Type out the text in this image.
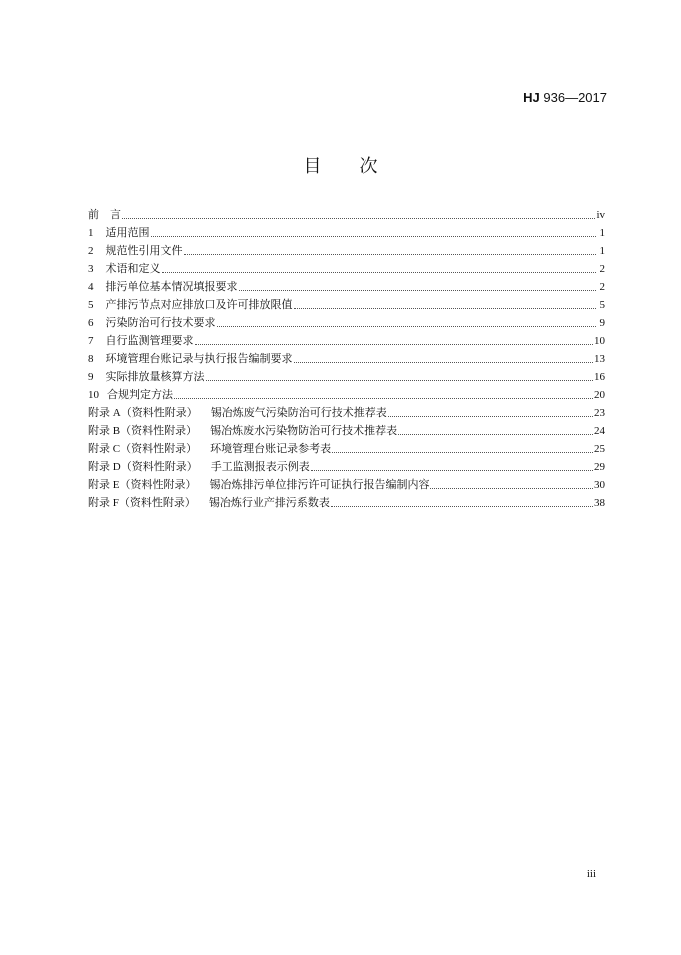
HJ 936—2017
目 次
前　言	iv
1 适用范围	1
2 规范性引用文件	1
3 术语和定义	2
4 排污单位基本情况填报要求	2
5 产排污节点对应排放口及许可排放限值	5
6 污染防治可行技术要求	9
7 自行监测管理要求	10
8 环境管理台账记录与执行报告编制要求	13
9 实际排放量核算方法	16
10 合规判定方法	20
附录 A （资料性附录） 锡冶炼废气污染防治可行技术推荐表	23
附录 B （资料性附录） 锡冶炼废水污染物防治可行技术推荐表	24
附录 C （资料性附录） 环境管理台账记录参考表	25
附录 D （资料性附录） 手工监测报表示例表	29
附录 E （资料性附录） 锡冶炼排污单位排污许可证执行报告编制内容	30
附录 F （资料性附录） 锡冶炼行业产排污系数表	38
iii
